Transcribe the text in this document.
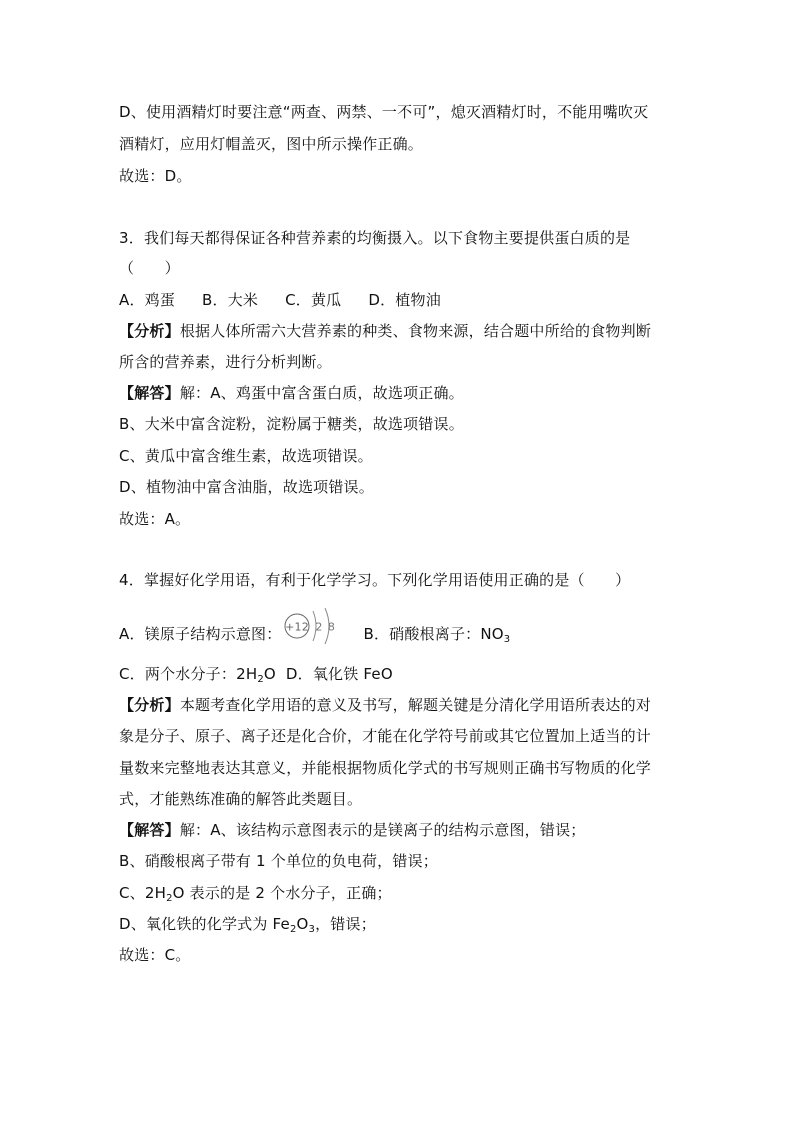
D、使用酒精灯时要注意“两查、两禁、一不可”，熄灭酒精灯时，不能用嘴吹灭
酒精灯，应用灯帽盖灭，图中所示操作正确。
故选：D。
3．我们每天都得保证各种营养素的均衡摄入。以下食物主要提供蛋白质的是
（　　）
A．鸡蛋 B．大米 C．黄瓜 D．植物油
【分析】根据人体所需六大营养素的种类、食物来源，结合题中所给的食物判断
所含的营养素，进行分析判断。
【解答】解：A、鸡蛋中富含蛋白质，故选项正确。
B、大米中富含淀粉，淀粉属于糖类，故选项错误。
C、黄瓜中富含维生素，故选项错误。
D、植物油中富含油脂，故选项错误。
故选：A。
4．掌握好化学用语，有利于化学学习。下列化学用语使用正确的是（　　）
A．镁原子结构示意图： +12 2 8 B．硝酸根离子：$NO_3$
C．两个水分子：$2H_2O$ D．氧化铁 FeO
【分析】本题考查化学用语的意义及书写，解题关键是分清化学用语所表达的对
象是分子、原子、离子还是化合价，才能在化学符号前或其它位置加上适当的计
量数来完整地表达其意义，并能根据物质化学式的书写规则正确书写物质的化学
式，才能熟练准确的解答此类题目。
【解答】解：A、该结构示意图表示的是镁离子的结构示意图，错误；
B、硝酸根离子带有 1 个单位的负电荷，错误；
C、$2H_2O$ 表示的是 2 个水分子，正确；
D、氧化铁的化学式为 $Fe_2O_3$，错误；
故选：C。
